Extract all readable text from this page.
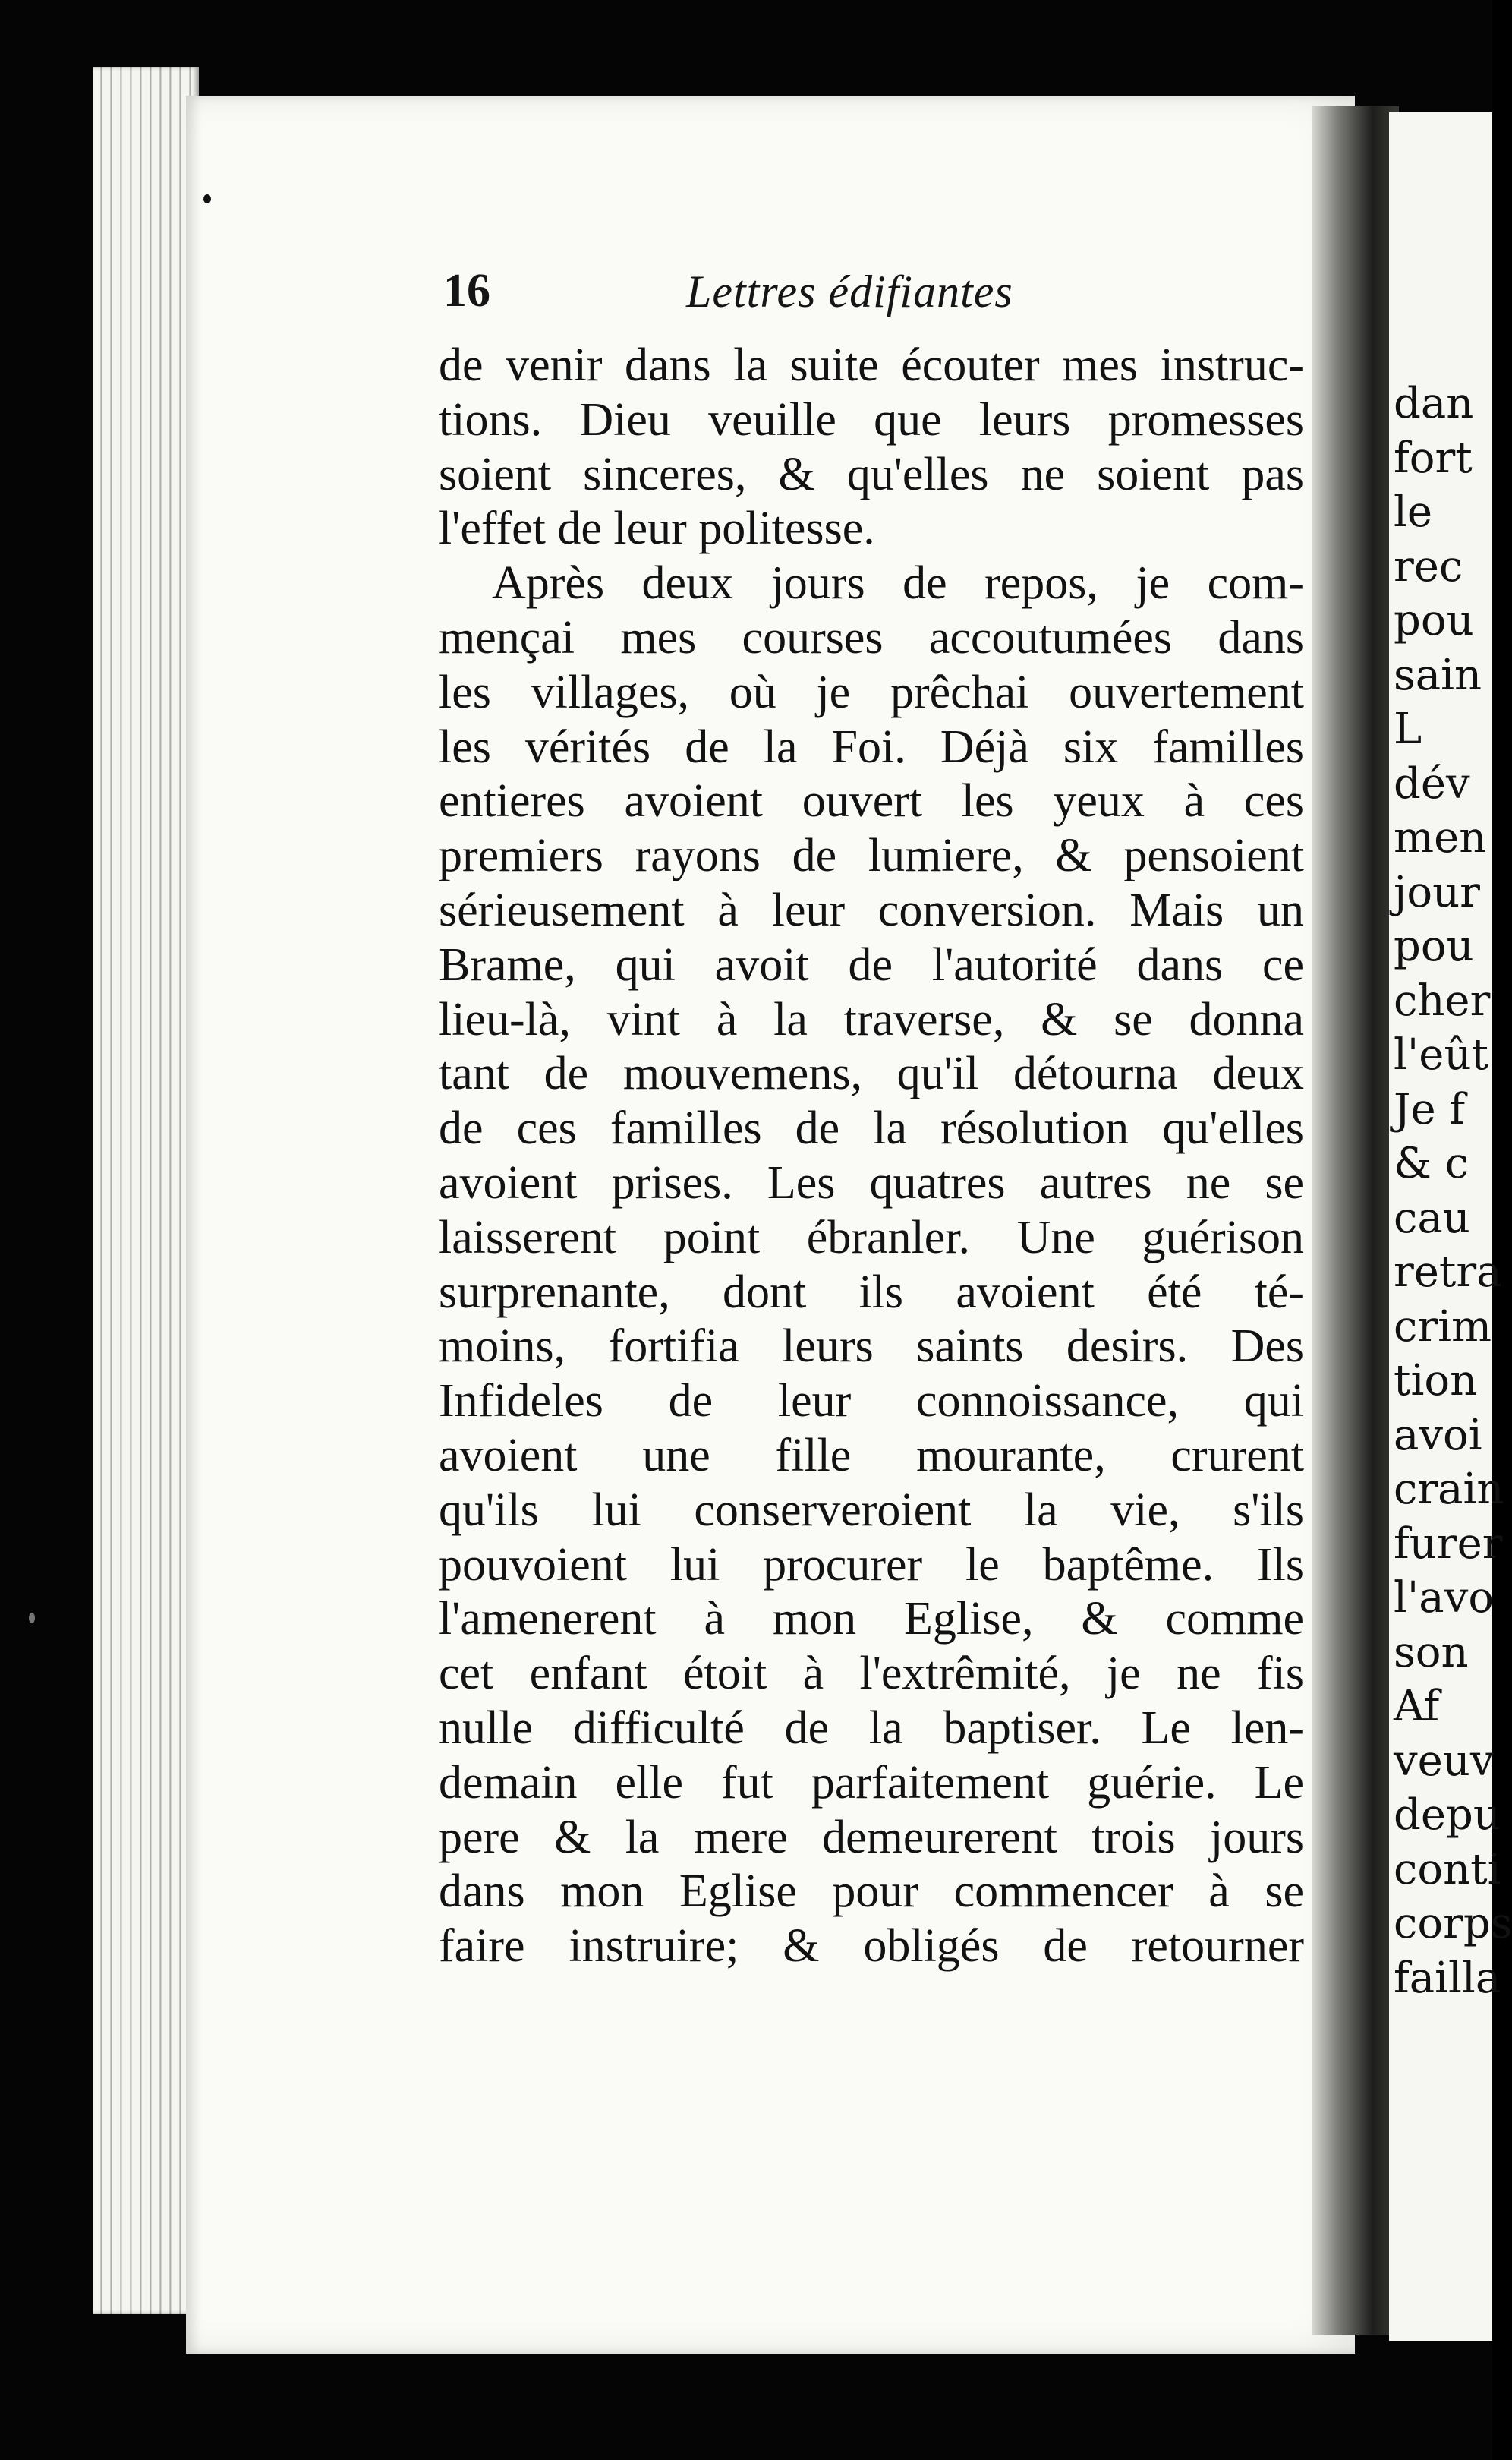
dan
fort
le
rec
pou
sain
L
dév
men
jour
pou
cher
l'eût
Je f
& c
cau
retra
crim
tion
avoi
crain
furer
l'avo
son
Af
veuv
depu
conti
corps
failla
16	Lettres édifiantes
de venir dans la suite écouter mes instruc-
tions. Dieu veuille que leurs promesses
soient sinceres, & qu'elles ne soient pas
l'effet de leur politesse.
Après deux jours de repos, je com-
mençai mes courses accoutumées dans
les villages, où je prêchai ouvertement
les vérités de la Foi. Déjà six familles
entieres avoient ouvert les yeux à ces
premiers rayons de lumiere, & pensoient
sérieusement à leur conversion. Mais un
Brame, qui avoit de l'autorité dans ce
lieu-là, vint à la traverse, & se donna
tant de mouvemens, qu'il détourna deux
de ces familles de la résolution qu'elles
avoient prises. Les quatres autres ne se
laisserent point ébranler. Une guérison
surprenante, dont ils avoient été té-
moins, fortifia leurs saints desirs. Des
Infideles de leur connoissance, qui
avoient une fille mourante, crurent
qu'ils lui conserveroient la vie, s'ils
pouvoient lui procurer le baptême. Ils
l'amenerent à mon Eglise, & comme
cet enfant étoit à l'extrêmité, je ne fis
nulle difficulté de la baptiser. Le len-
demain elle fut parfaitement guérie. Le
pere & la mere demeurerent trois jours
dans mon Eglise pour commencer à se
faire instruire; & obligés de retourner
